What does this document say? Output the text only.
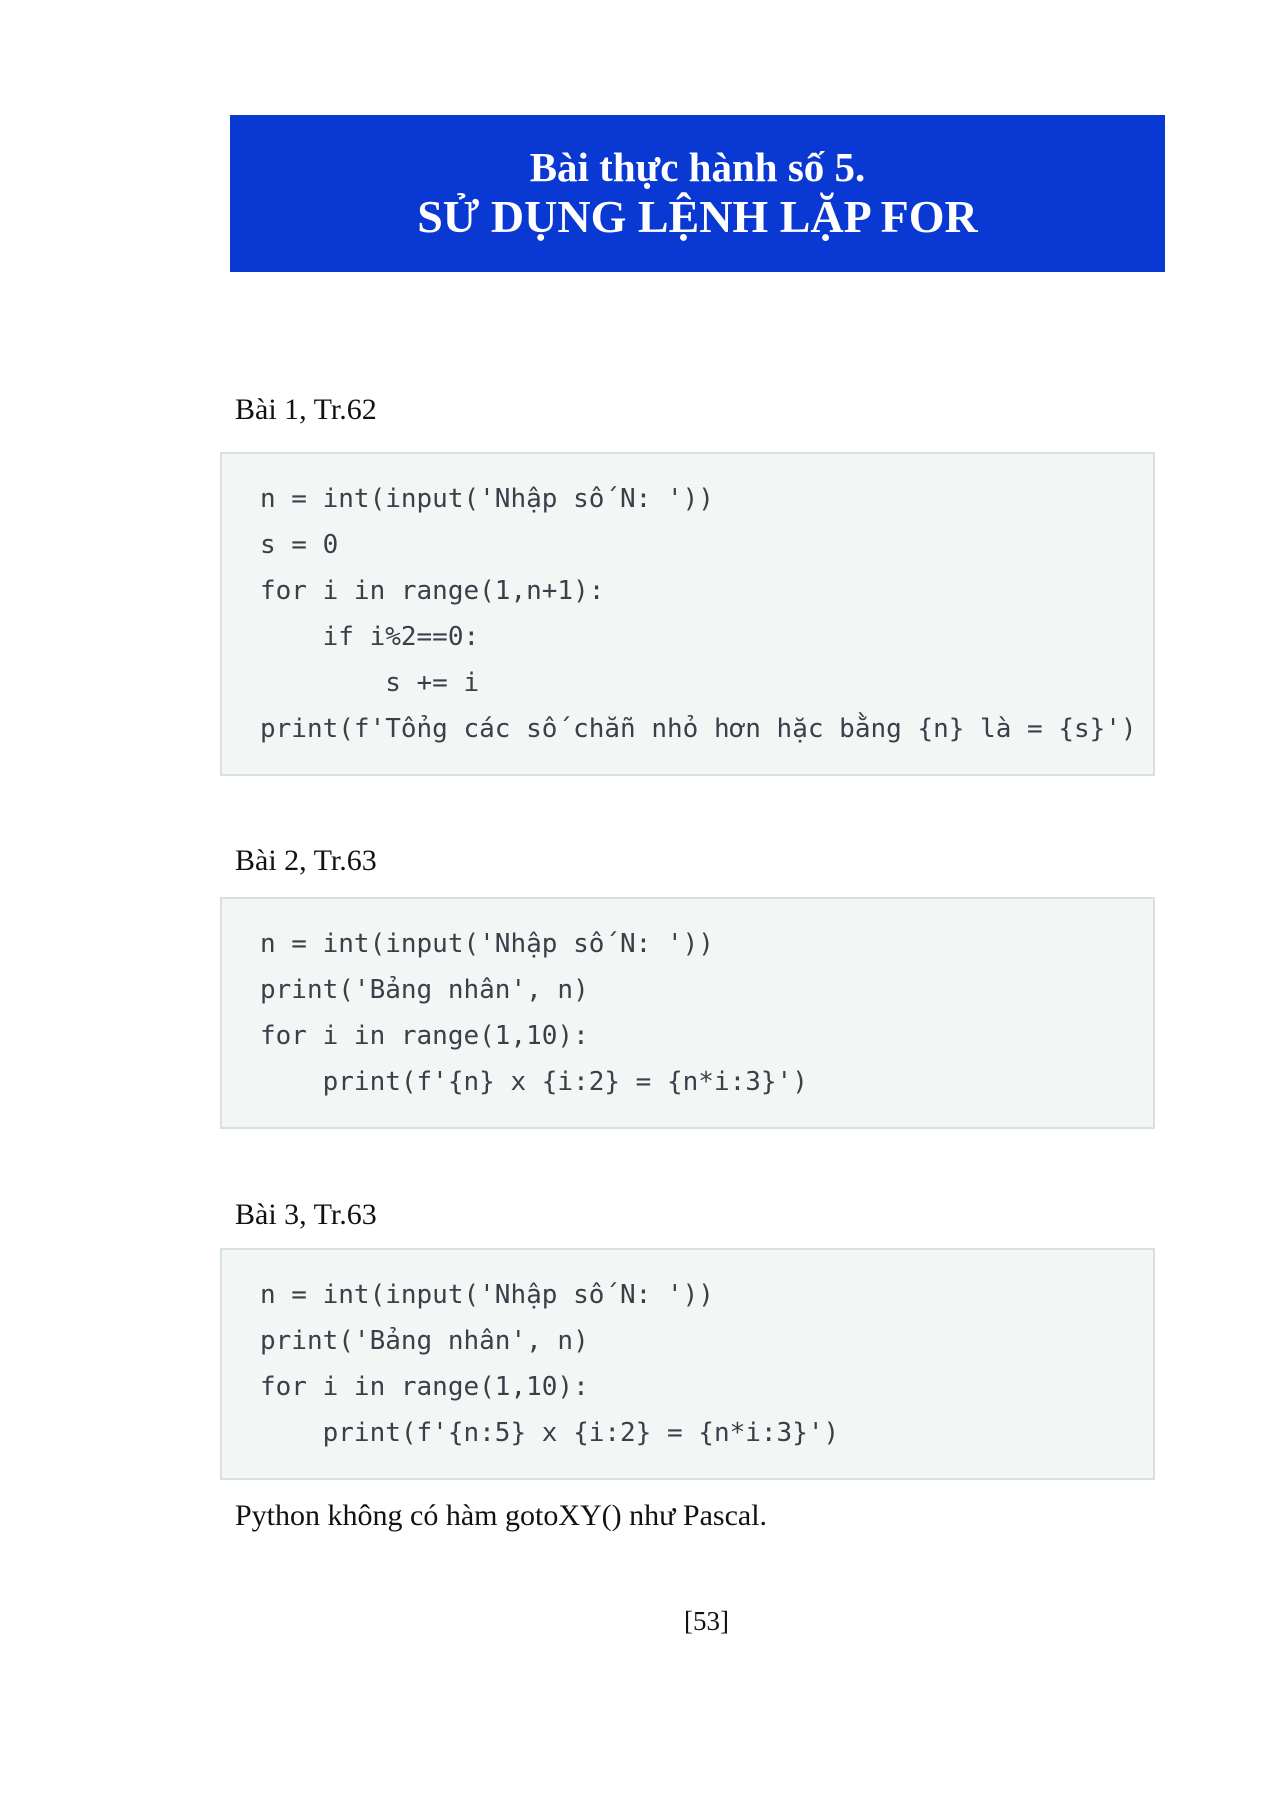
Bài thực hành số 5.
SỬ DỤNG LỆNH LẶP FOR
Bài 1, Tr.62
n = int(input('Nhập số N: '))
s = 0
for i in range(1,n+1):
if i%2==0:
s += i
print(f'Tổng các số chẵn nhỏ hơn hặc bằng {n} là = {s}')
Bài 2, Tr.63
n = int(input('Nhập số N: '))
print('Bảng nhân', n)
for i in range(1,10):
print(f'{n} x {i:2} = {n*i:3}')
Bài 3, Tr.63
n = int(input('Nhập số N: '))
print('Bảng nhân', n)
for i in range(1,10):
print(f'{n:5} x {i:2} = {n*i:3}')
Python không có hàm gotoXY() như Pascal.
[53]
